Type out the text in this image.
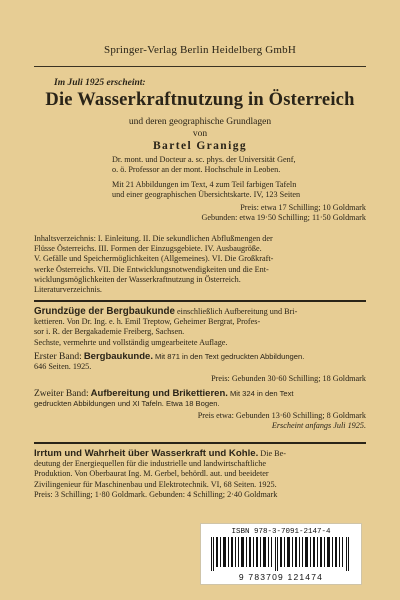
Springer-Verlag Berlin Heidelberg GmbH
Im Juli 1925 erscheint:
Die Wasserkraftnutzung in Österreich
und deren geographische Grundlagen
von
Bartel Granigg
Dr. mont. und Docteur a. sc. phys. der Universität Genf,
o. ö. Professor an der mont. Hochschule in Leoben.
Mit 21 Abbildungen im Text, 4 zum Teil farbigen Tafeln
und einer geographischen Übersichtskarte. IV, 123 Seiten
Preis: etwa 17 Schilling; 10 Goldmark
Gebunden: etwa 19·50 Schilling; 11·50 Goldmark
Inhaltsverzeichnis: I. Einleitung. II. Die sekundlichen Abflußmengen der
Flüsse Österreichs. III. Formen der Einzugsgebiete. IV. Ausbaugröße.
V. Gefälle und Speichermöglichkeiten (Allgemeines). VI. Die Großkraft-
werke Österreichs. VII. Die Entwicklungsnotwendigkeiten und die Ent-
wicklungsmöglichkeiten der Wasserkraftnutzung in Österreich.
Literaturverzeichnis.
Grundzüge der Bergbaukunde einschließlich Aufbereitung und Bri-
kettieren. Von Dr. Ing. e. h. Emil Treptow, Geheimer Bergrat, Profes-
sor i. R. der Bergakademie Freiberg, Sachsen.
Sechste, vermehrte und vollständig umgearbeitete Auflage.
Erster Band: Bergbaukunde. Mit 871 in den Text gedruckten Abbildungen.
646 Seiten. 1925.
Preis: Gebunden 30·60 Schilling; 18 Goldmark
Zweiter Band: Aufbereitung und Brikettieren. Mit 324 in den Text
gedruckten Abbildungen und XI Tafeln. Etwa 18 Bogen.
Preis etwa: Gebunden 13·60 Schilling; 8 Goldmark
Erscheint anfangs Juli 1925.
Irrtum und Wahrheit über Wasserkraft und Kohle. Die Be-
deutung der Energiequellen für die industrielle und landwirtschaftliche
Produktion. Von Oberbaurat Ing. M. Gerbel, behördl. aut. und beeideter
Zivilingenieur für Maschinenbau und Elektrotechnik. VI, 68 Seiten. 1925.
Preis: 3 Schilling; 1·80 Goldmark. Gebunden: 4 Schilling; 2·40 Goldmark
ISBN 978-3-7091-2147-4
9 783709 121474
